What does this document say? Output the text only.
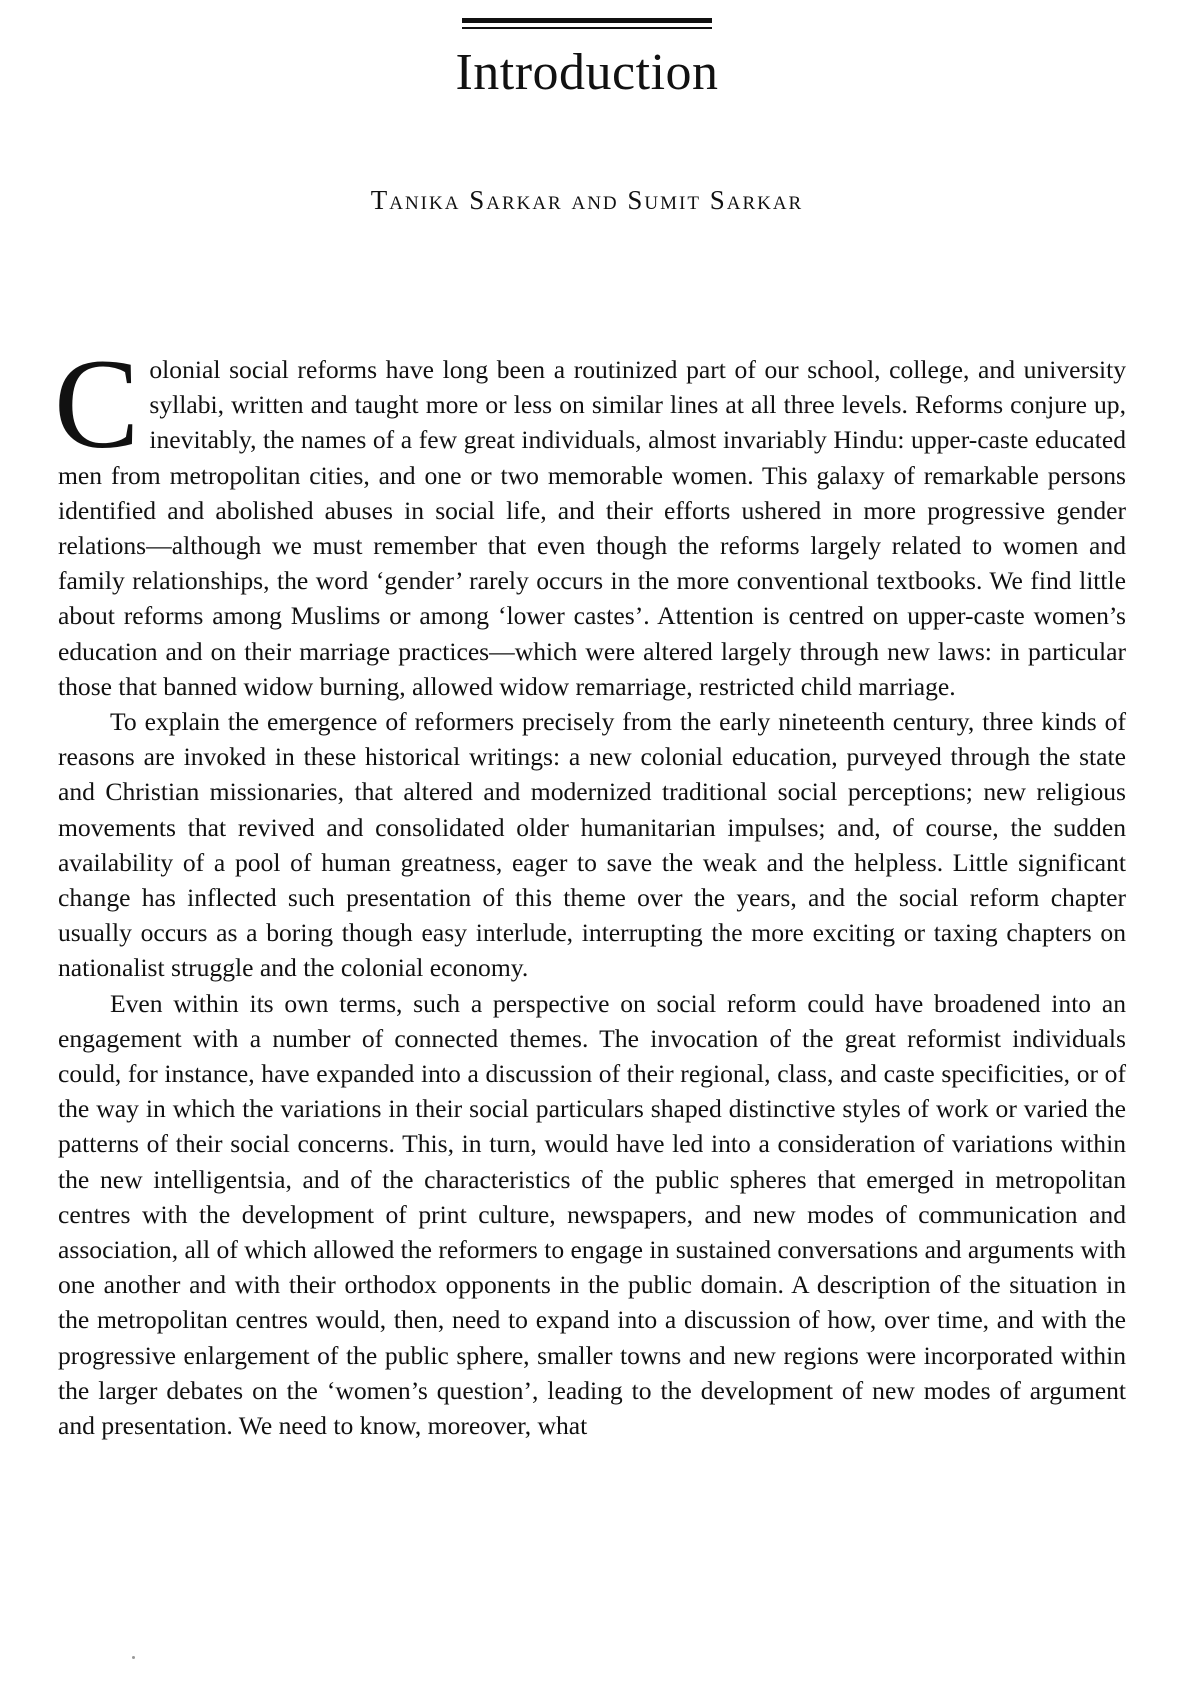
Introduction
Tanika Sarkar and Sumit Sarkar

Colonial social reforms have long been a routinized part of our school, college, and university syllabi, written and taught more or less on similar lines at all three levels. Reforms conjure up, inevitably, the names of a few great individuals, almost invariably Hindu: upper-caste educated men from metropolitan cities, and one or two memorable women. This galaxy of remarkable persons identified and abolished abuses in social life, and their efforts ushered in more progressive gender relations—although we must remember that even though the reforms largely related to women and family relationships, the word ‘gender’ rarely occurs in the more conventional textbooks. We find little about reforms among Muslims or among ‘lower castes’. Attention is centred on upper-caste women’s education and on their marriage practices—which were altered largely through new laws: in particular those that banned widow burning, allowed widow remarriage, restricted child marriage.

To explain the emergence of reformers precisely from the early nineteenth century, three kinds of reasons are invoked in these historical writings: a new colonial education, purveyed through the state and Christian missionaries, that altered and modernized traditional social perceptions; new religious movements that revived and consolidated older humanitarian impulses; and, of course, the sudden availability of a pool of human greatness, eager to save the weak and the helpless. Little significant change has inflected such presentation of this theme over the years, and the social reform chapter usually occurs as a boring though easy interlude, interrupting the more exciting or taxing chapters on nationalist struggle and the colonial economy.

Even within its own terms, such a perspective on social reform could have broadened into an engagement with a number of connected themes. The invocation of the great reformist individuals could, for instance, have expanded into a discussion of their regional, class, and caste specificities, or of the way in which the variations in their social particulars shaped distinctive styles of work or varied the patterns of their social concerns. This, in turn, would have led into a consideration of variations within the new intelligentsia, and of the characteristics of the public spheres that emerged in metropolitan centres with the development of print culture, newspapers, and new modes of communication and association, all of which allowed the reformers to engage in sustained conversations and arguments with one another and with their orthodox opponents in the public domain. A description of the situation in the metropolitan centres would, then, need to expand into a discussion of how, over time, and with the progressive enlargement of the public sphere, smaller towns and new regions were incorporated within the larger debates on the ‘women’s question’, leading to the development of new modes of argument and presentation. We need to know, moreover, what
